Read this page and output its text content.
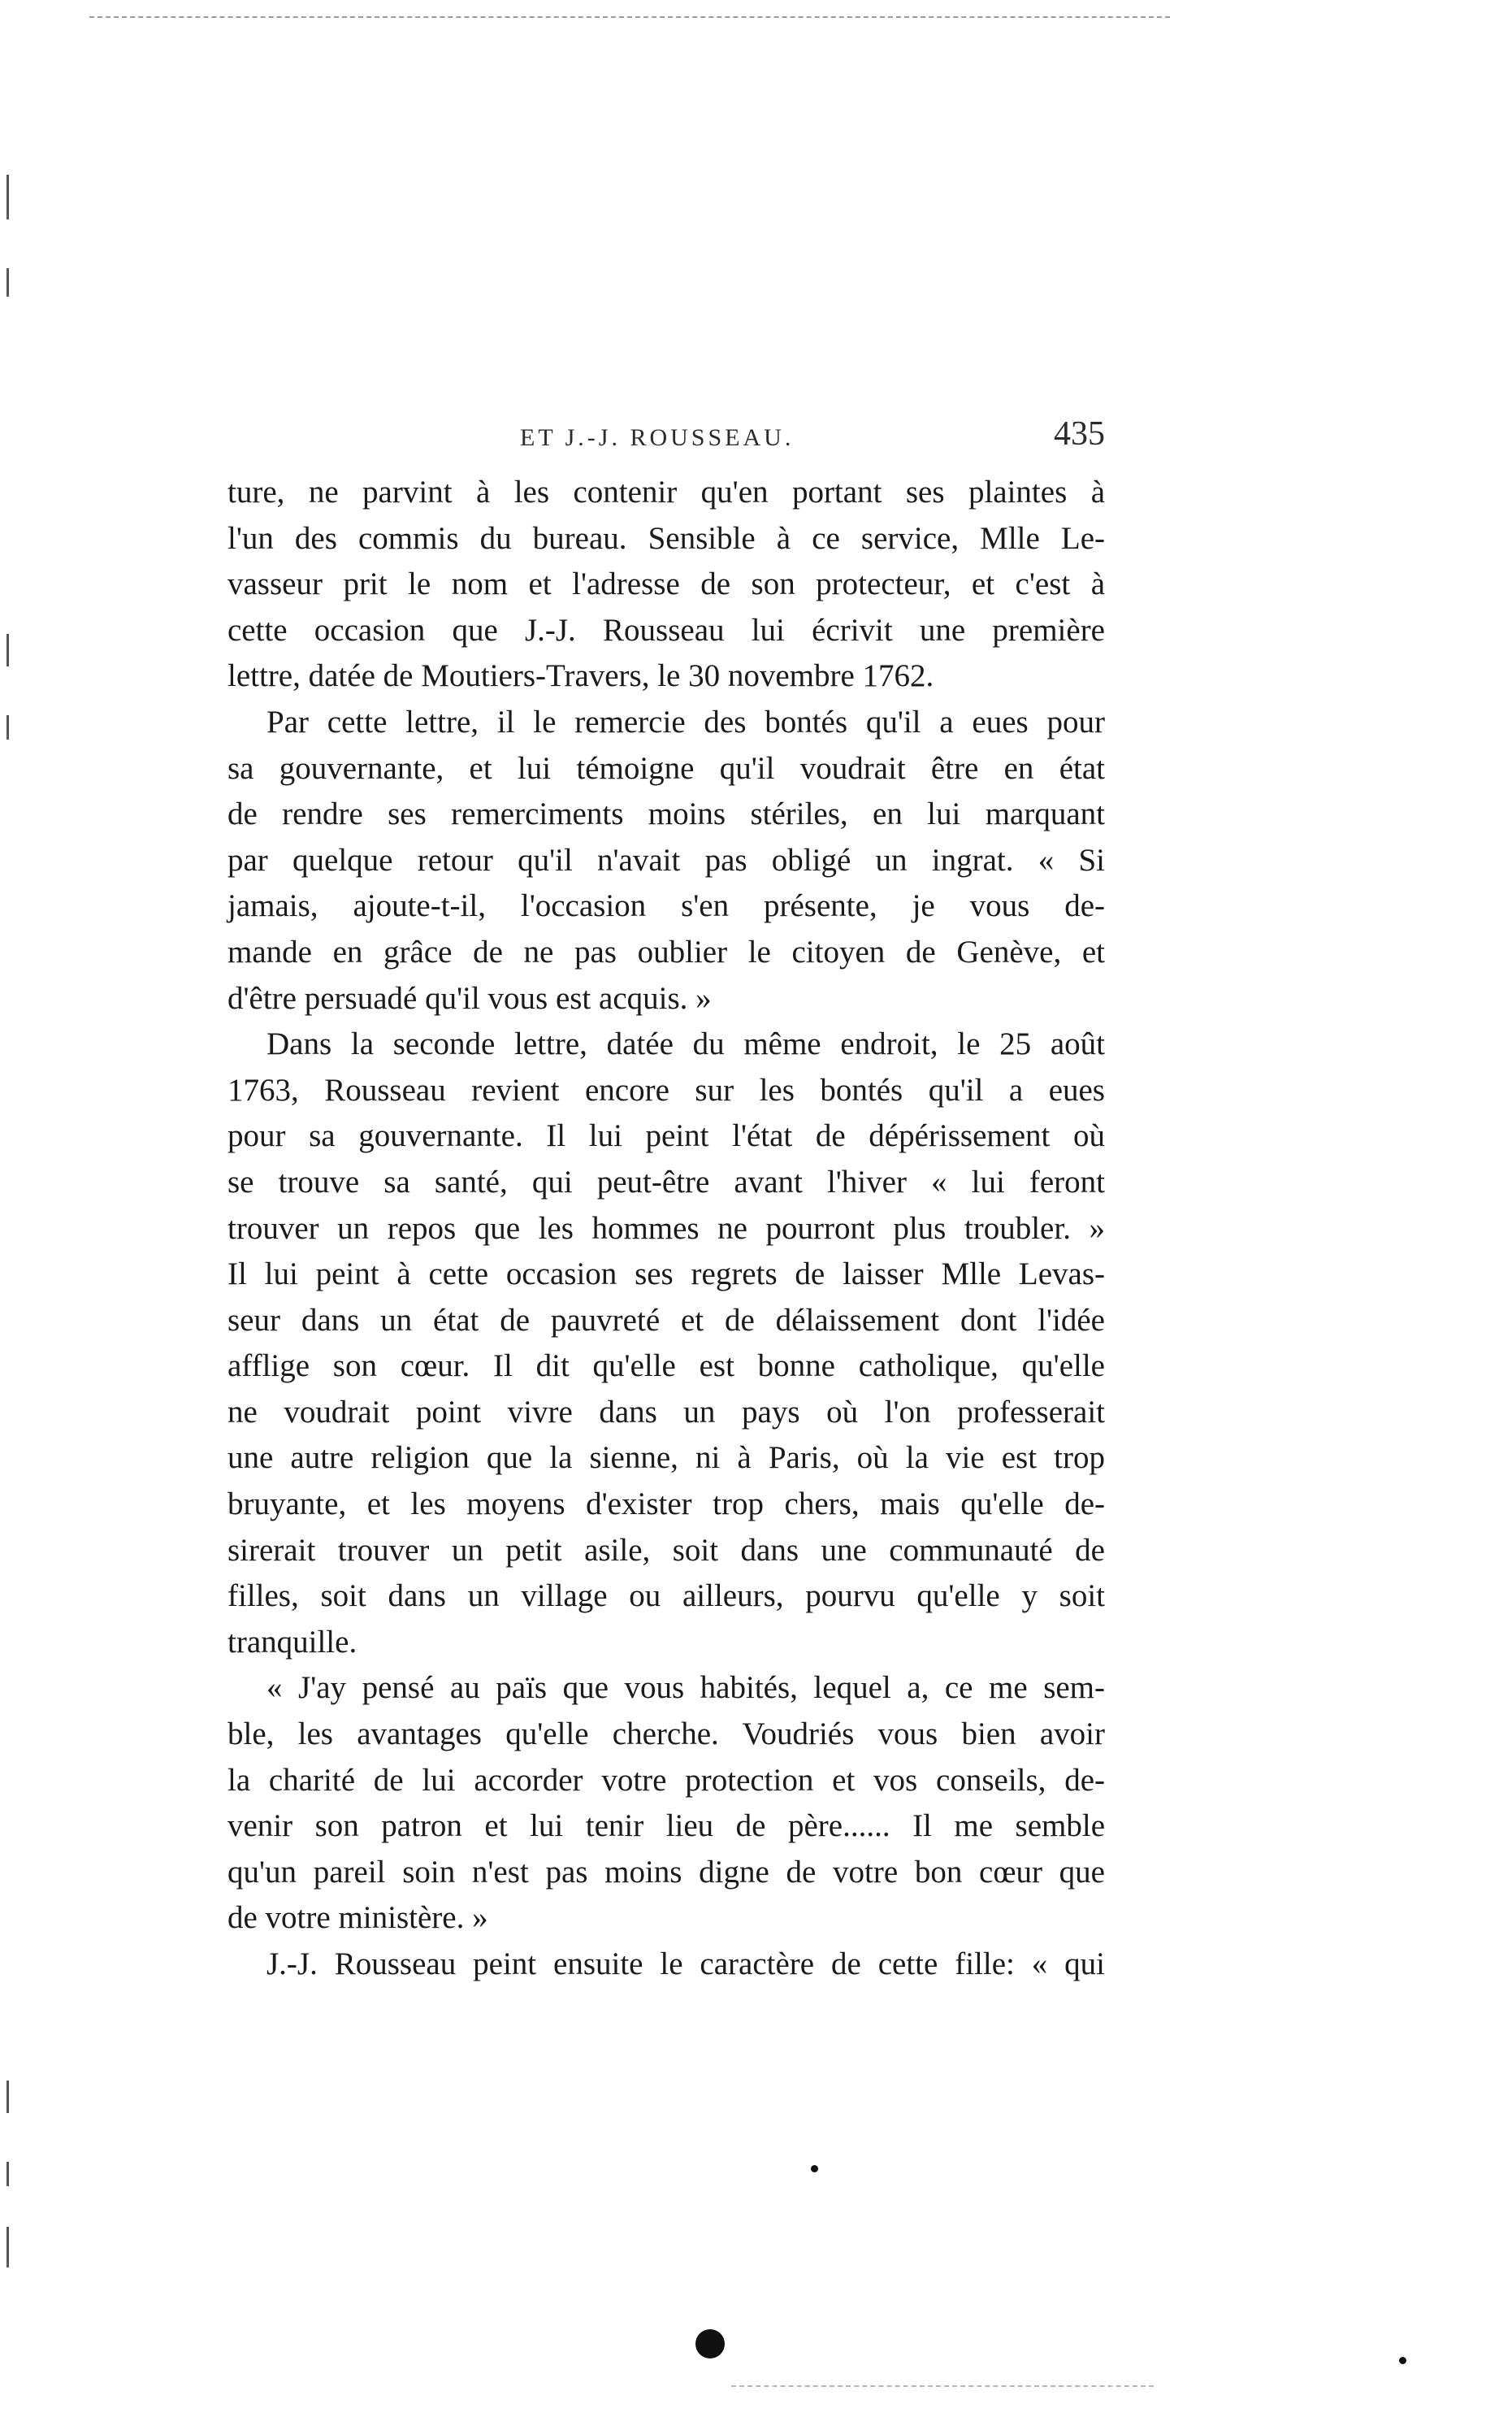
ET J.-J. ROUSSEAU.	435
ture, ne parvint à les contenir qu'en portant ses plaintes à
l'un des commis du bureau. Sensible à ce service, Mlle Le-
vasseur prit le nom et l'adresse de son protecteur, et c'est à
cette occasion que J.-J. Rousseau lui écrivit une première
lettre, datée de Moutiers-Travers, le 30 novembre 1762.
Par cette lettre, il le remercie des bontés qu'il a eues pour
sa gouvernante, et lui témoigne qu'il voudrait être en état
de rendre ses remerciments moins stériles, en lui marquant
par quelque retour qu'il n'avait pas obligé un ingrat. « Si
jamais, ajoute-t-il, l'occasion s'en présente, je vous de-
mande en grâce de ne pas oublier le citoyen de Genève, et
d'être persuadé qu'il vous est acquis. »
Dans la seconde lettre, datée du même endroit, le 25 août
1763, Rousseau revient encore sur les bontés qu'il a eues
pour sa gouvernante. Il lui peint l'état de dépérissement où
se trouve sa santé, qui peut-être avant l'hiver « lui feront
trouver un repos que les hommes ne pourront plus troubler. »
Il lui peint à cette occasion ses regrets de laisser Mlle Levas-
seur dans un état de pauvreté et de délaissement dont l'idée
afflige son cœur. Il dit qu'elle est bonne catholique, qu'elle
ne voudrait point vivre dans un pays où l'on professerait
une autre religion que la sienne, ni à Paris, où la vie est trop
bruyante, et les moyens d'exister trop chers, mais qu'elle de-
sirerait trouver un petit asile, soit dans une communauté de
filles, soit dans un village ou ailleurs, pourvu qu'elle y soit
tranquille.
« J'ay pensé au païs que vous habités, lequel a, ce me sem-
ble, les avantages qu'elle cherche. Voudriés vous bien avoir
la charité de lui accorder votre protection et vos conseils, de-
venir son patron et lui tenir lieu de père...... Il me semble
qu'un pareil soin n'est pas moins digne de votre bon cœur que
de votre ministère. »
J.-J. Rousseau peint ensuite le caractère de cette fille: « qui
